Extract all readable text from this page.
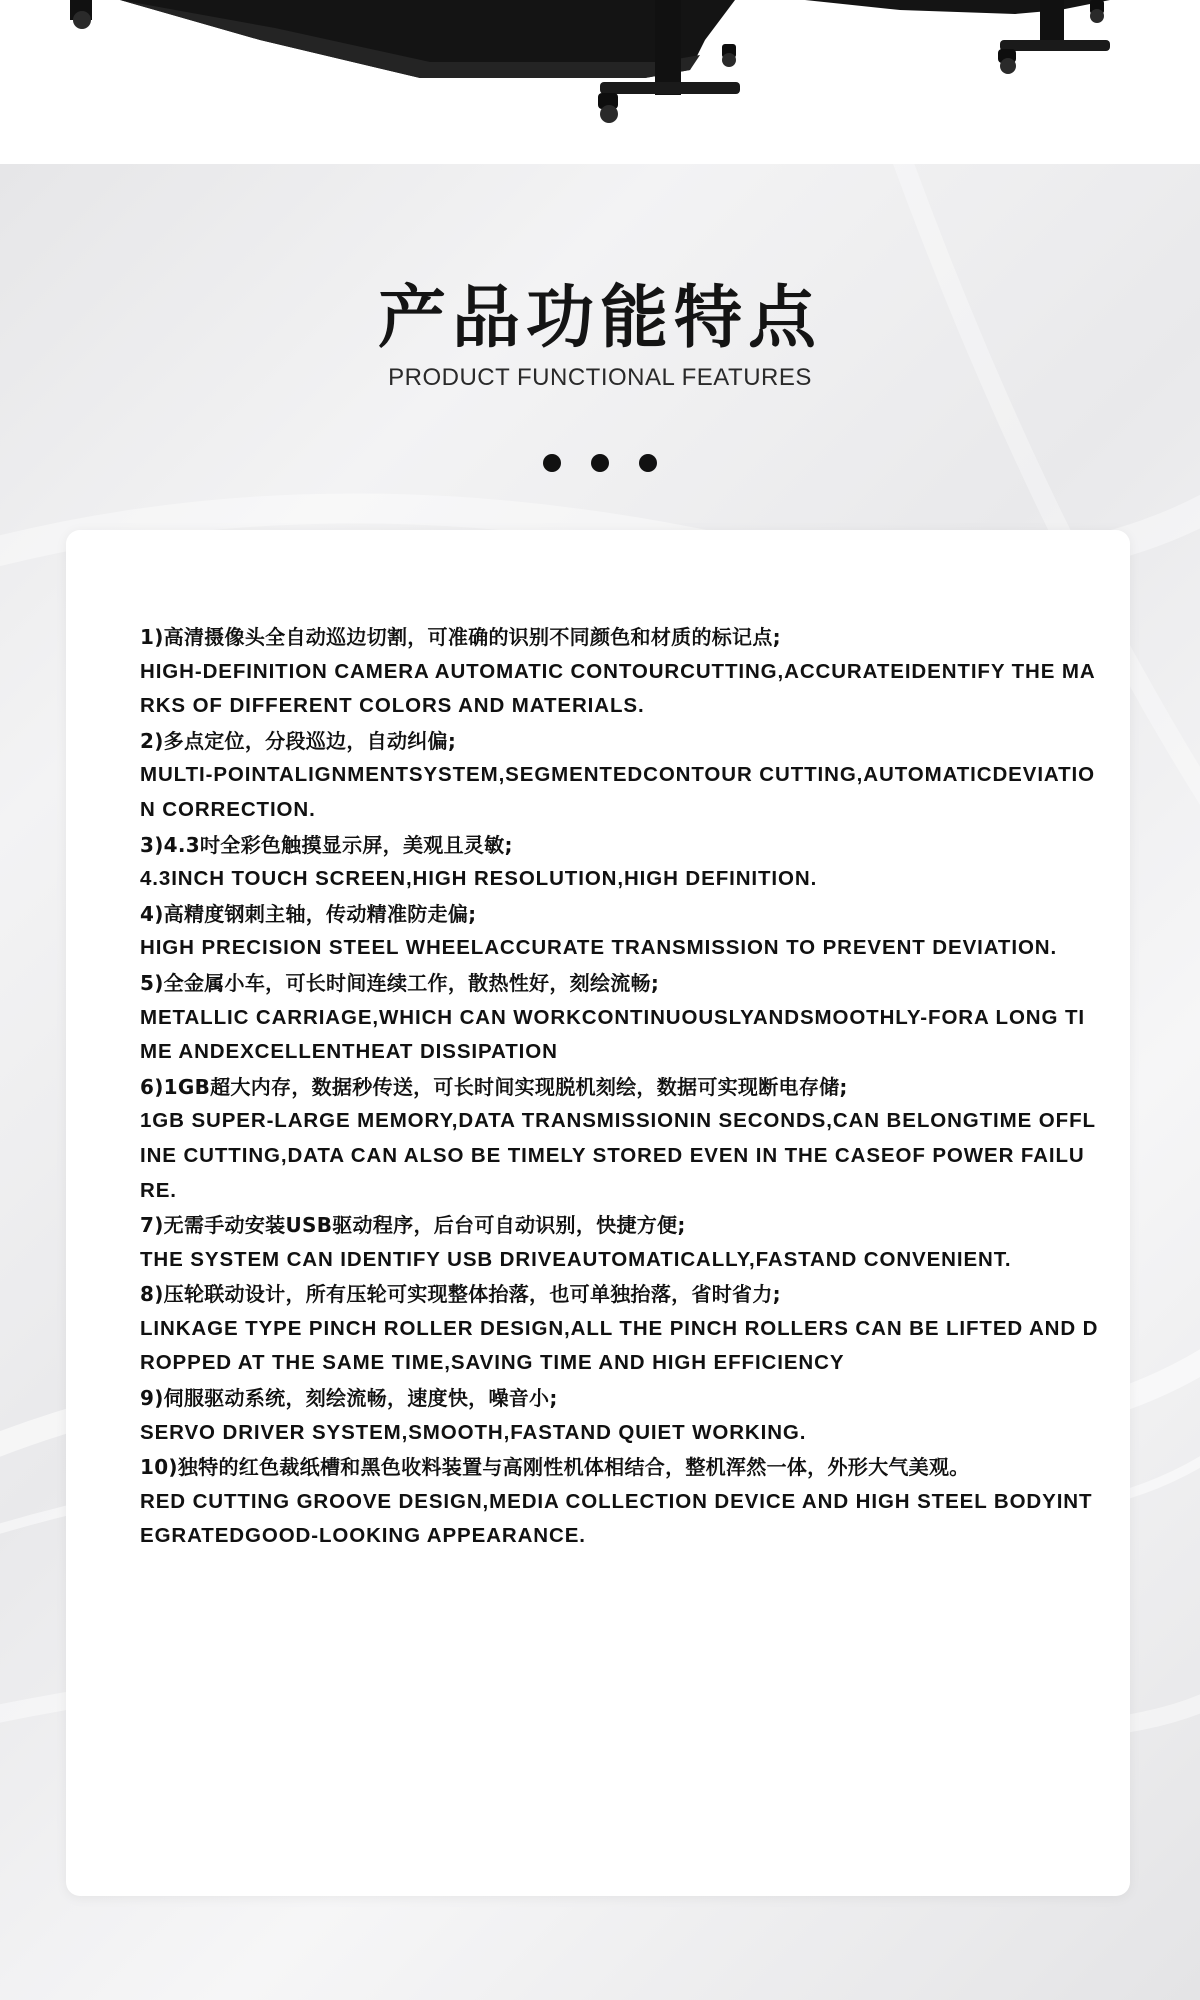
产品功能特点
PRODUCT FUNCTIONAL FEATURES
1)高清摄像头全自动巡边切割，可准确的识别不同颜色和材质的标记点;
HIGH-DEFINITION CAMERA AUTOMATIC CONTOURCUTTING,ACCURATEIDENTIFY THE MARKS OF DIFFERENT COLORS AND MATERIALS.
2)多点定位，分段巡边，自动纠偏;
MULTI-POINTALIGNMENTSYSTEM,SEGMENTEDCONTOUR CUTTING,AUTOMATICDEVIATION CORRECTION.
3)4.3吋全彩色触摸显示屏，美观且灵敏;
4.3INCH TOUCH SCREEN,HIGH RESOLUTION,HIGH DEFINITION.
4)高精度钢刺主轴，传动精准防走偏;
HIGH PRECISION STEEL WHEELACCURATE TRANSMISSION TO PREVENT DEVIATION.
5)全金属小车，可长时间连续工作，散热性好，刻绘流畅;
METALLIC CARRIAGE,WHICH CAN WORKCONTINUOUSLYANDSMOOTHLY-FORA LONG TIME ANDEXCELLENTHEAT DISSIPATION
6)1GB超大内存，数据秒传送，可长时间实现脱机刻绘，数据可实现断电存储;
1GB SUPER-LARGE MEMORY,DATA TRANSMISSIONIN SECONDS,CAN BELONGTIME OFFLINE CUTTING,DATA CAN ALSO BE TIMELY STORED EVEN IN THE CASEOF POWER FAILURE.
7)无需手动安装USB驱动程序，后台可自动识别，快捷方便;
THE SYSTEM CAN IDENTIFY USB DRIVEAUTOMATICALLY,FASTAND CONVENIENT.
8)压轮联动设计，所有压轮可实现整体抬落，也可单独抬落，省时省力;
LINKAGE TYPE PINCH ROLLER DESIGN,ALL THE PINCH ROLLERS CAN BE LIFTED AND DROPPED AT THE SAME TIME,SAVING TIME AND HIGH EFFICIENCY
9)伺服驱动系统，刻绘流畅，速度快，噪音小;
SERVO DRIVER SYSTEM,SMOOTH,FASTAND QUIET WORKING.
10)独特的红色裁纸槽和黑色收料装置与高刚性机体相结合，整机浑然一体，外形大气美观。
RED CUTTING GROOVE DESIGN,MEDIA COLLECTION DEVICE AND HIGH STEEL BODYINTEGRATEDGOOD-LOOKING APPEARANCE.
